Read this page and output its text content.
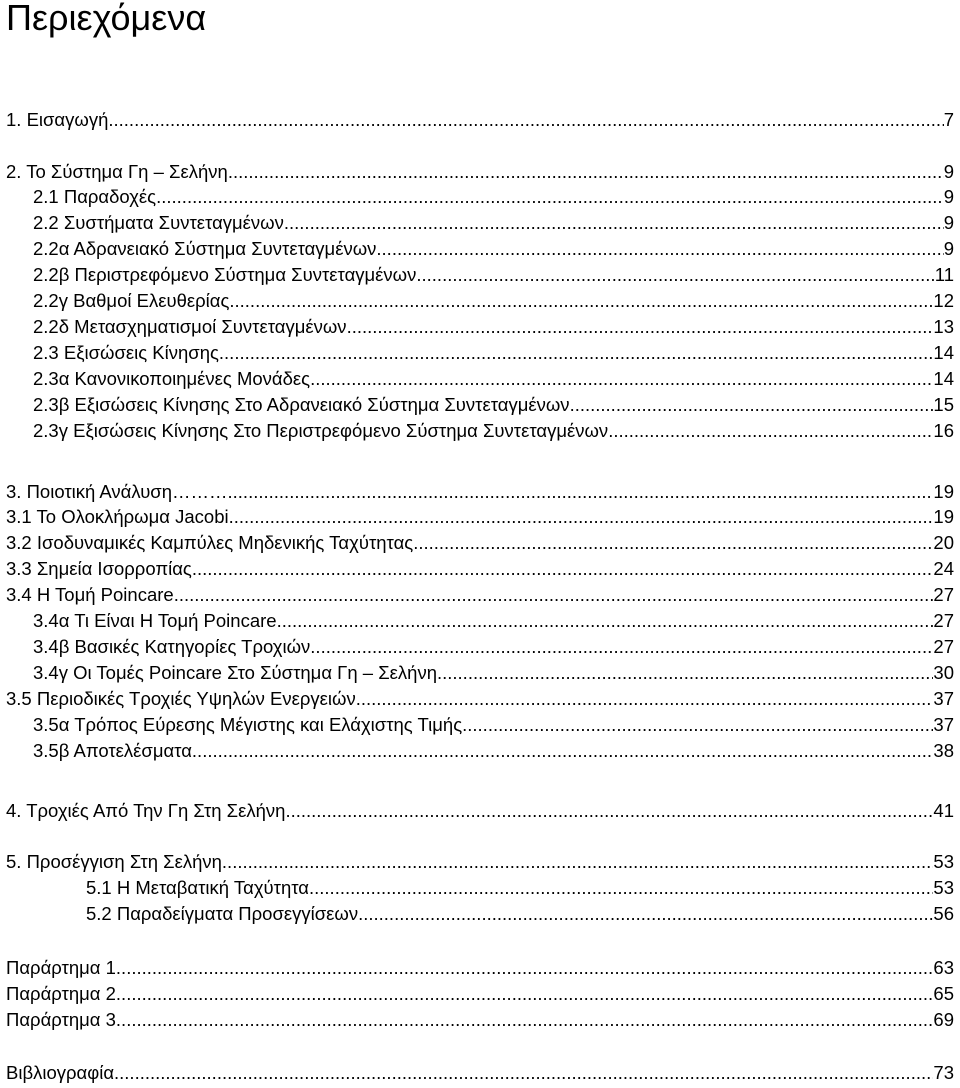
Περιεχόμενα
1. Εισαγωγή .....	7
2. Το Σύστημα Γη – Σελήνη .....	9
2.1 Παραδοχές .....	9
2.2 Συστήματα Συντεταγμένων .....	9
2.2α Αδρανειακό Σύστημα Συντεταγμένων .....	9
2.2β Περιστρεφόμενο Σύστημα Συντεταγμένων .....	11
2.2γ Βαθμοί Ελευθερίας .....	12
2.2δ Μετασχηματισμοί Συντεταγμένων .....	13
2.3 Εξισώσεις Κίνησης .....	14
2.3α Κανονικοποιημένες Μονάδες .....	14
2.3β Εξισώσεις Κίνησης Στο Αδρανειακό Σύστημα Συντεταγμένων .....	15
2.3γ Εξισώσεις Κίνησης Στο Περιστρεφόμενο Σύστημα Συντεταγμένων .....	16
3. Ποιοτική Ανάλυση……… .....	19
3.1 Το Ολοκλήρωμα Jacobi .....	19
3.2 Ισοδυναμικές Καμπύλες Μηδενικής Ταχύτητας .....	20
3.3 Σημεία Ισορροπίας .....	24
3.4 Η Τομή Poincare .....	27
3.4α Τι Είναι Η Τομή Poincare .....	27
3.4β Βασικές Κατηγορίες Τροχιών .....	27
3.4γ Οι Τομές Poincare Στο Σύστημα Γη – Σελήνη .....	30
3.5 Περιοδικές Τροχιές Υψηλών Ενεργειών .....	37
3.5α Τρόπος Εύρεσης Μέγιστης και Ελάχιστης Τιμής .....	37
3.5β Αποτελέσματα .....	38
4. Τροχιές Από Την Γη Στη Σελήνη .....	41
5. Προσέγγιση Στη Σελήνη .....	53
5.1 Η Μεταβατική Ταχύτητα .....	53
5.2 Παραδείγματα Προσεγγίσεων .....	56
Παράρτημα 1 .....	63
Παράρτημα 2 .....	65
Παράρτημα 3 .....	69
Βιβλιογραφία .....	73
